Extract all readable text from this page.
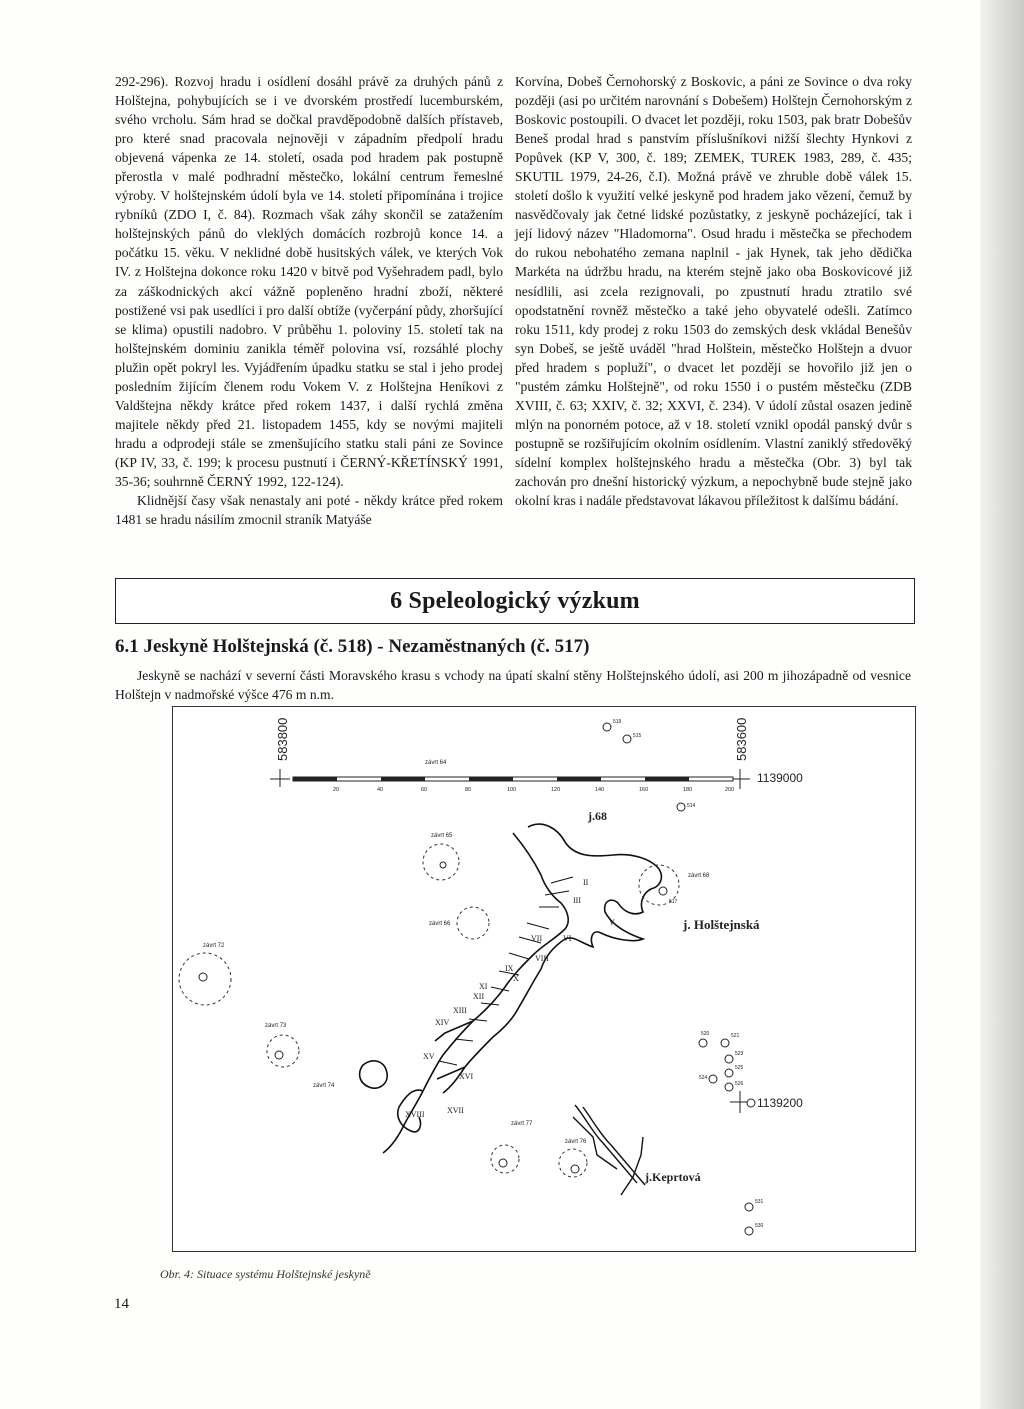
292-296). Rozvoj hradu i osídlení dosáhl právě za druhých pánů z Holštejna, pohybujících se i ve dvorském prostředí lucemburském, svého vrcholu. Sám hrad se dočkal pravděpodobně dalších přístaveb, pro které snad pracovala nejnověji v západním předpolí hradu objevená vápenka ze 14. století, osada pod hradem pak postupně přerostla v malé podhradní městečko, lokální centrum řemeslné výroby. V holštejnském údolí byla ve 14. století připomínána i trojice rybníků (ZDO I, č. 84). Rozmach však záhy skončil se zatažením holštejnských pánů do vleklých domácích rozbrojů konce 14. a počátku 15. věku. V neklidné době husitských válek, ve kterých Vok IV. z Holštejna dokonce roku 1420 v bitvě pod Vyšehradem padl, bylo za záškodnických akcí vážně popleněno hradní zboží, některé postižené vsi pak usedlíci i pro další obtíže (vyčerpání půdy, zhoršující se klima) opustili nadobro. V průběhu 1. poloviny 15. století tak na holštejnském dominiu zanikla téměř polovina vsí, rozsáhlé plochy plužin opět pokryl les. Vyjádřením úpadku statku se stal i jeho prodej posledním žijícím členem rodu Vokem V. z Holštejna Heníkovi z Valdštejna někdy krátce před rokem 1437, i další rychlá změna majitele někdy před 21. listopadem 1455, kdy se novými majiteli hradu a odprodeji stále se zmenšujícího statku stali páni ze Sovince (KP IV, 33, č. 199; k procesu pustnutí i ČERNÝ-KŘETÍNSKÝ 1991, 35-36; souhrnně ČERNÝ 1992, 122-124).

Klidnější časy však nenastaly ani poté - někdy krátce před rokem 1481 se hradu násilím zmocnil straník Matyáše

Korvína, Dobeš Černohorský z Boskovic, a páni ze Sovince o dva roky později (asi po určitém narovnání s Dobešem) Holštejn Černohorským z Boskovic postoupili. O dvacet let později, roku 1503, pak bratr Dobešův Beneš prodal hrad s panstvím příslušníkovi nižší šlechty Hynkovi z Popůvek (KP V, 300, č. 189; ZEMEK, TUREK 1983, 289, č. 435; SKUTIL 1979, 24-26, č.I). Možná právě ve zhruble době válek 15. století došlo k využití velké jeskyně pod hradem jako vězení, čemuž by nasvědčovaly jak četné lidské pozůstatky, z jeskyně pocházející, tak i její lidový název "Hladomorna". Osud hradu i městečka se přechodem do rukou nebohatého zemana naplnil - jak Hynek, tak jeho dědička Markéta na údržbu hradu, na kterém stejně jako oba Boskovicové již nesídlili, asi zcela rezignovali, po zpustnutí hradu ztratilo své opodstatnění rovněž městečko a také jeho obyvatelé odešli. Zatímco roku 1511, kdy prodej z roku 1503 do zemských desk vkládal Benešův syn Dobeš, se ještě uváděl "hrad Holštein, městečko Holštejn a dvuor před hradem s popluží", o dvacet let později se hovořilo již jen o "pustém zámku Holštejně", od roku 1550 i o pustém městečku (ZDB XVIII, č. 63; XXIV, č. 32; XXVI, č. 234). V údolí zůstal osazen jedině mlýn na ponorném potoce, až v 18. století vznikl opodál panský dvůr s postupně se rozšiřujícím okolním osídlením. Vlastní zaniklý středověký sídelní komplex holštejnského hradu a městečka (Obr. 3) byl tak zachován pro dnešní historický výzkum, a nepochybně bude stejně jako okolní kras i nadále představovat lákavou příležitost k dalšímu bádání.

6 Speleologický výzkum
6.1 Jeskyně Holštejnská (č. 518) - Nezaměstnaných (č. 517)
Jeskyně se nachází v severní části Moravského krasu s vchody na úpatí skalní stěny Holštejnského údolí, asi 200 m jihozápadně od vesnice Holštejn v nadmořské výšce 476 m n.m.
583800	583600
1139000
1139200
20	40	60	80	100	120	140	160	180	200
j.68
j. Holštejnská
j.Keprtová
závrt 64
závrt 65
závrt 66
závrt 68
závrt 72
závrt 73
závrt 74
závrt 76
závrt 77
II
III
V
VI
VII
VIII
IX
X
XI
XII
XIII
XIV
XV
XVI
XVII
XVIII
519
515
514
517
520	521
523
525
524
526
531
530
Obr. 4: Situace systému Holštejnské jeskyně
14
